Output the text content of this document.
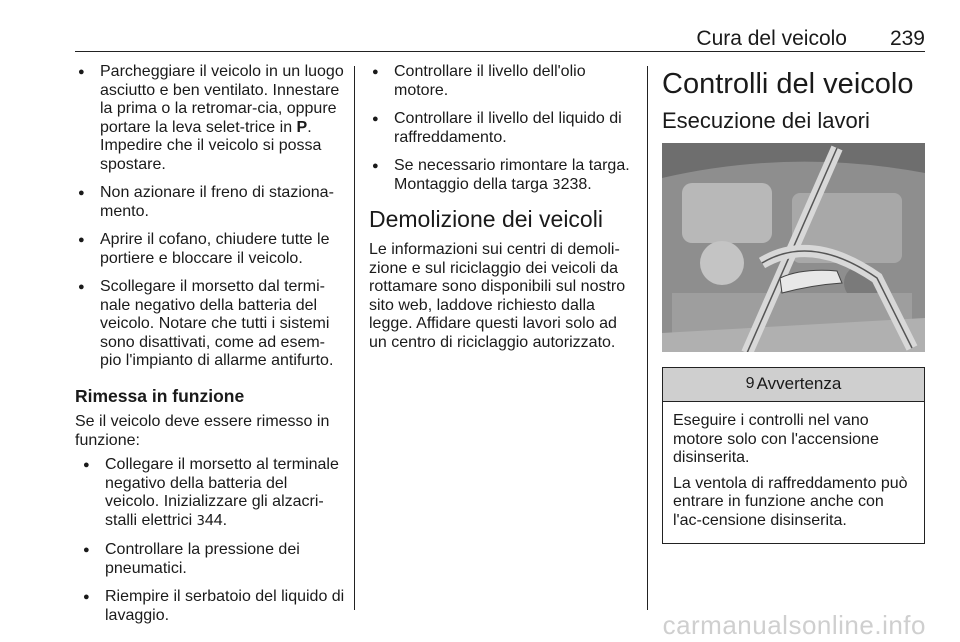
Cura del veicolo 239
● Parcheggiare il veicolo in un luogo asciutto e ben ventilato. Innestare la prima o la retromar-cia, oppure portare la leva selet-trice in P. Impedire che il veicolo si possa spostare.
● Non azionare il freno di staziona-mento.
● Aprire il cofano, chiudere tutte le portiere e bloccare il veicolo.
● Scollegare il morsetto dal termi-nale negativo della batteria del veicolo. Notare che tutti i sistemi sono disattivati, come ad esem-pio l'impianto di allarme antifurto.
Rimessa in funzione

Se il veicolo deve essere rimesso in funzione:

● Collegare il morsetto al terminale negativo della batteria del veicolo. Inizializzare gli alzacri-stalli elettrici 344.
● Controllare la pressione dei pneumatici.
● Riempire il serbatoio del liquido di lavaggio.
● Controllare il livello dell'olio motore.
● Controllare il livello del liquido di raffreddamento.
● Se necessario rimontare la targa. Montaggio della targa 3238.
Demolizione dei veicoli

Le informazioni sui centri di demoli-zione e sul riciclaggio dei veicoli da rottamare sono disponibili sul nostro sito web, laddove richiesto dalla legge. Affidare questi lavori solo ad un centro di riciclaggio autorizzato.

Controlli del veicolo
Esecuzione dei lavori
9 Avvertenza

Eseguire i controlli nel vano motore solo con l'accensione disinserita.

La ventola di raffreddamento può entrare in funzione anche con l'ac-censione disinserita.

carmanualsonline.info
